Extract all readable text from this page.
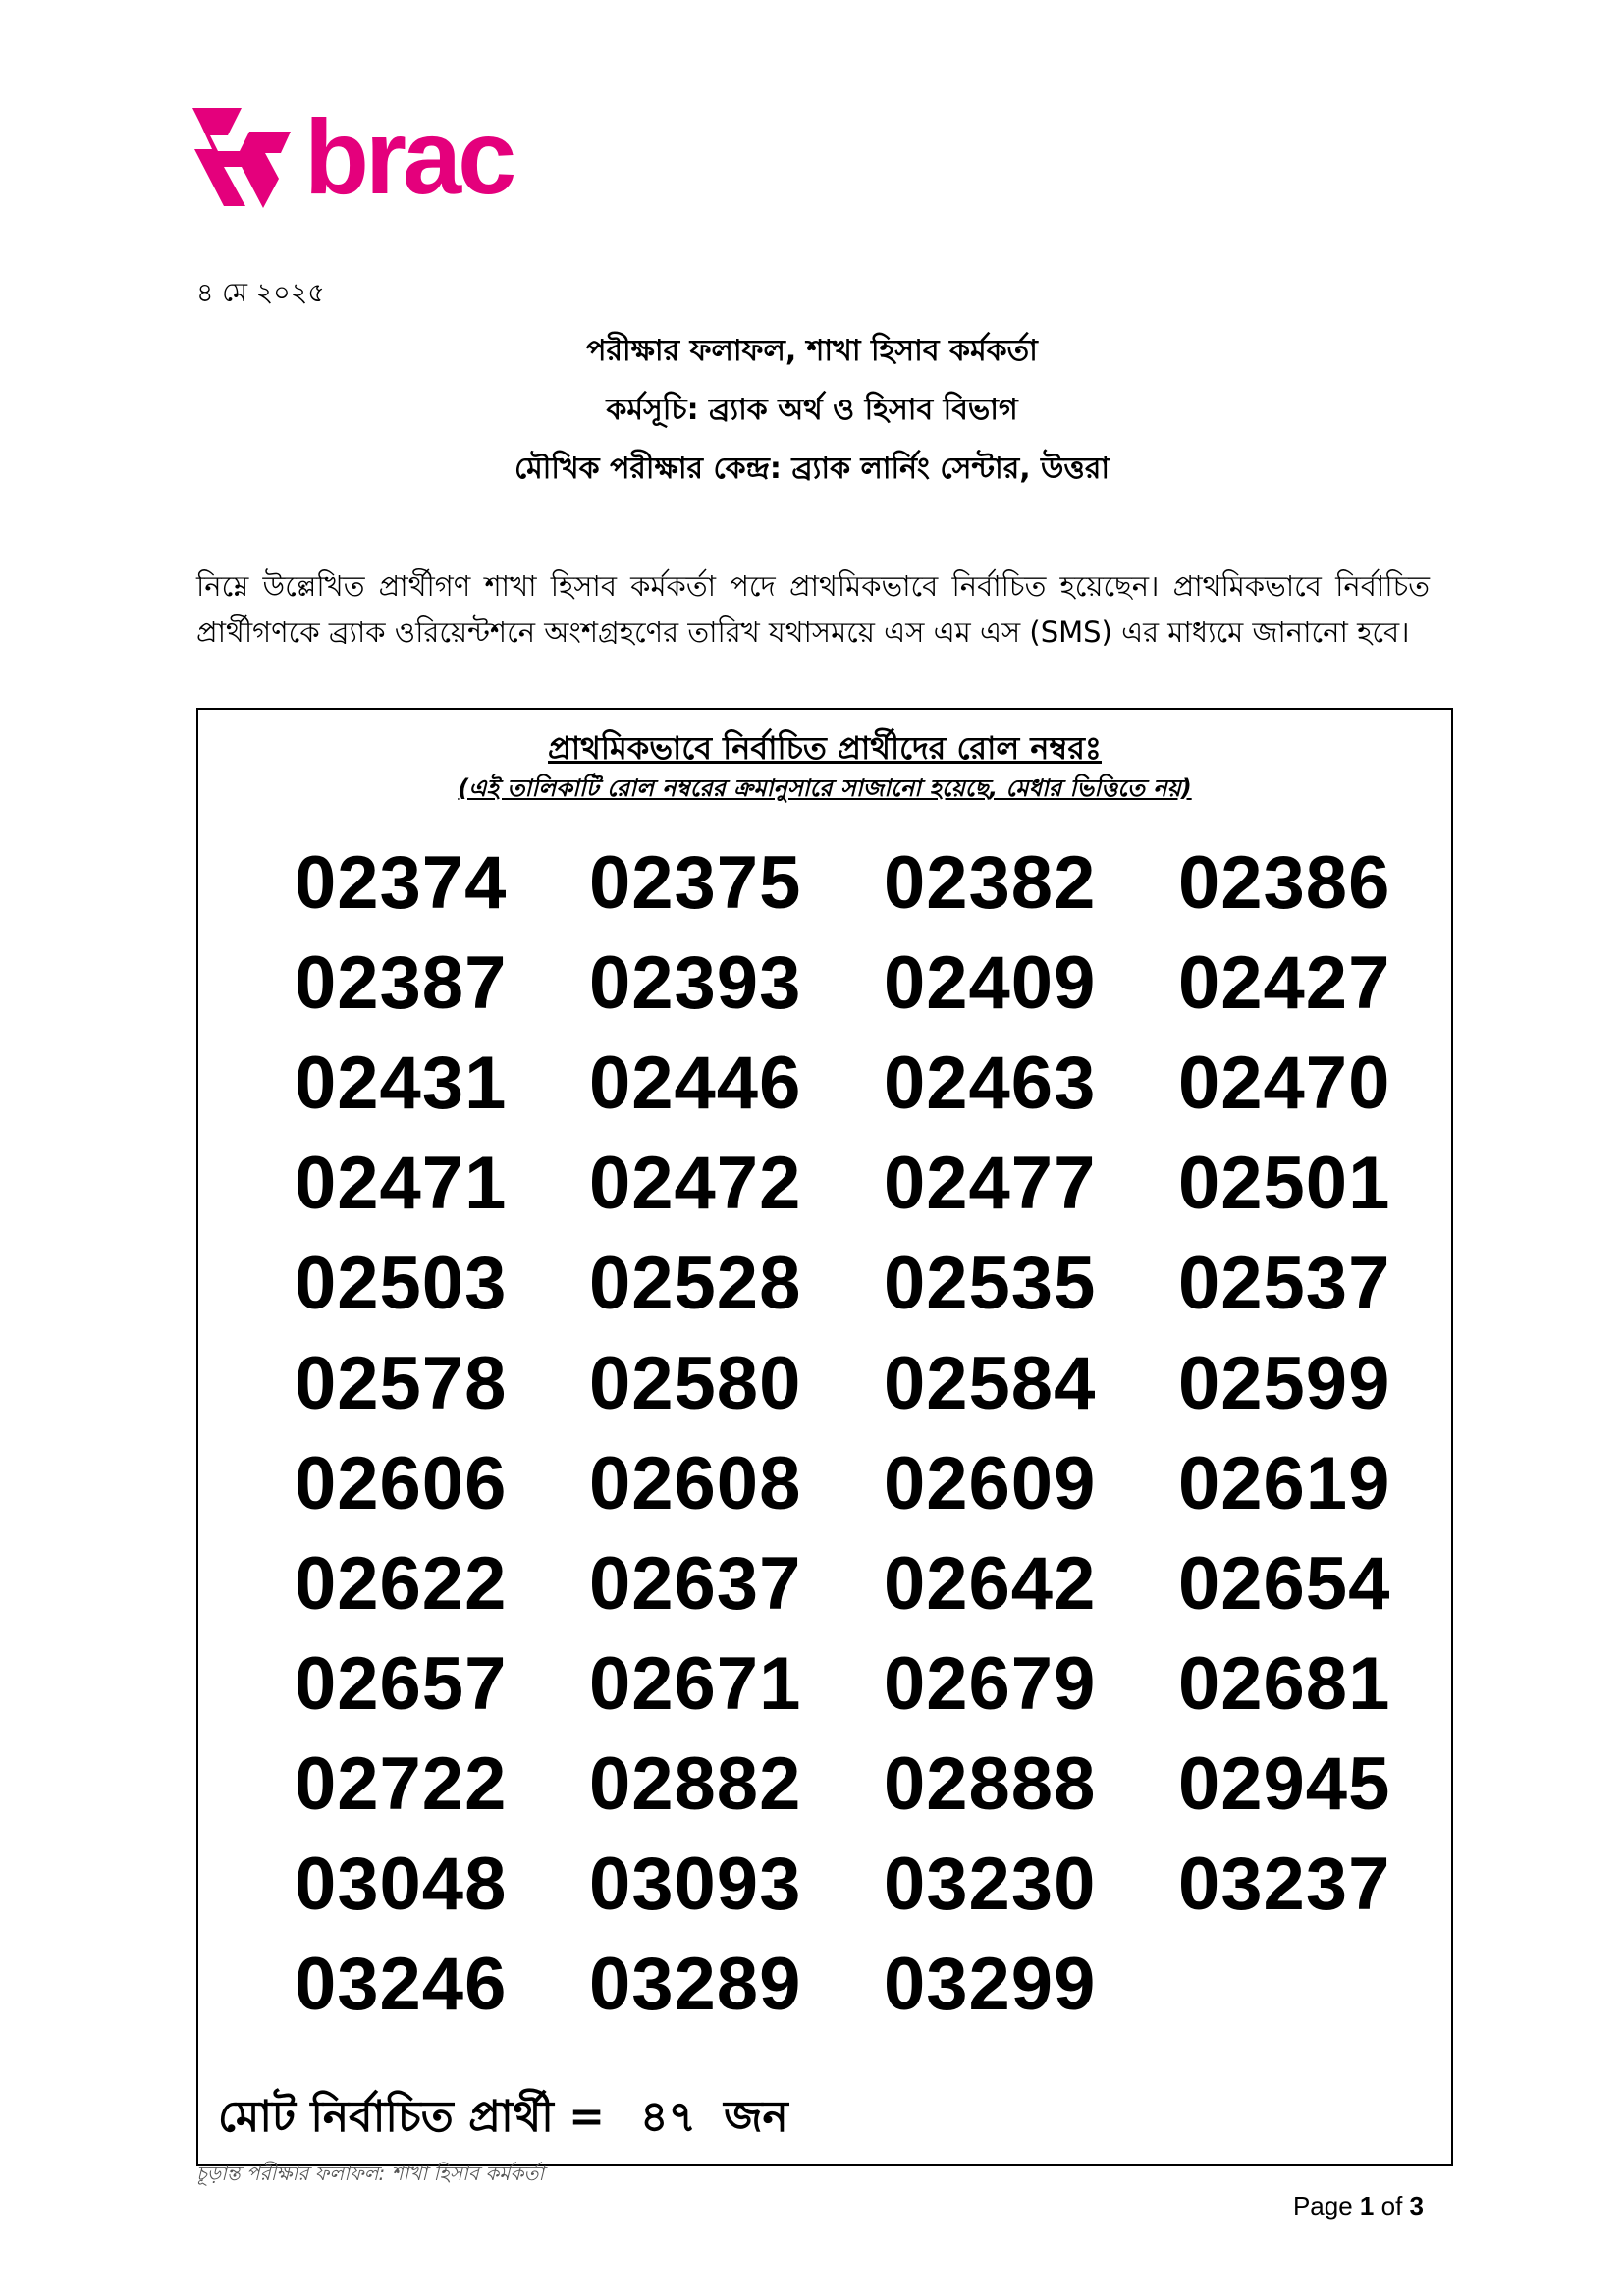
brac
৪ মে ২০২৫

পরীক্ষার ফলাফল, শাখা হিসাব কর্মকর্তা

কর্মসূচি: ব্র্যাক অর্থ ও হিসাব বিভাগ

মৌখিক পরীক্ষার কেন্দ্র: ব্র্যাক লার্নিং সেন্টার, উত্তরা

নিম্নে উল্লেখিত প্রার্থীগণ শাখা হিসাব কর্মকর্তা পদে প্রাথমিকভাবে নির্বাচিত হয়েছেন। প্রাথমিকভাবে নির্বাচিত প্রার্থীগণকে ব্র্যাক ওরিয়েন্টশনে অংশগ্রহণের তারিখ যথাসময়ে এস এম এস (SMS) এর মাধ্যমে জানানো হবে।

প্রাথমিকভাবে নির্বাচিত প্রার্থীদের রোল নম্বরঃ

(এই তালিকাটি রোল নম্বরের ক্রমানুসারে সাজানো হয়েছে, মেধার ভিত্তিতে নয়)

02374	02375	02382	02386
02387	02393	02409	02427
02431	02446	02463	02470
02471	02472	02477	02501
02503	02528	02535	02537
02578	02580	02584	02599
02606	02608	02609	02619
02622	02637	02642	02654
02657	02671	02679	02681
02722	02882	02888	02945
03048	03093	03230	03237
03246	03289	03299
মোট নির্বাচিত প্রার্থী = ৪৭ জন
চূড়ান্ত পরীক্ষার ফলাফল: শাখা হিসাব কর্মকর্তা
Page 1 of 3
